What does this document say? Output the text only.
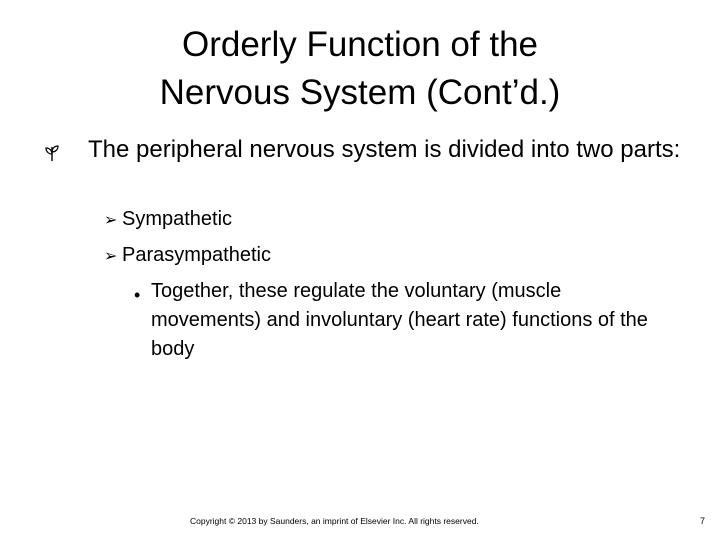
Orderly Function of the
Nervous System (Cont’d.)
The peripheral nervous system is divided into two parts:
➢ Sympathetic
➢ Parasympathetic
• Together, these regulate the voluntary (muscle movements) and involuntary (heart rate) functions of the body
Copyright © 2013 by Saunders, an imprint of Elsevier Inc. All rights reserved.	7
